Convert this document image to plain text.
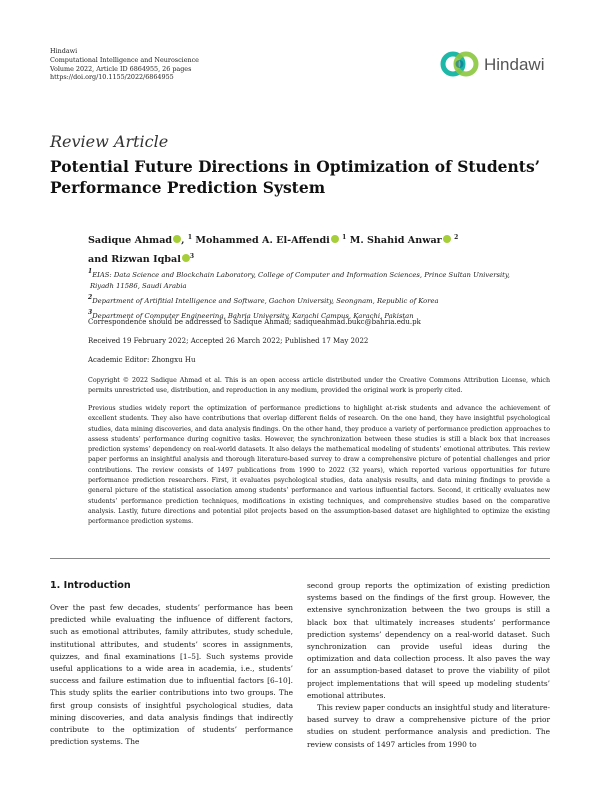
Hindawi
Computational Intelligence and Neuroscience
Volume 2022, Article ID 6864955, 26 pages
https://doi.org/10.1155/2022/6864955
Hindawi
Review Article
Potential Future Directions in Optimization of Students’ Performance Prediction System
Sadique Ahmad , $^1$ Mohammed A. El-Affendi $^1$ M. Shahid Anwar $^2$
and Rizwan Iqbal $^3$
1EIAS: Data Science and Blockchain Laboratory, College of Computer and Information Sciences, Prince Sultan University,
Riyadh 11586, Saudi Arabia
2Department of Artifitial Intelligence and Software, Gachon University, Seongnam, Republic of Korea
3Department of Computer Engineering, Bahria University, Karachi Campus, Karachi, Pakistan
Correspondence should be addressed to Sadique Ahmad; sadiqueahmad.bukc@bahria.edu.pk
Received 19 February 2022; Accepted 26 March 2022; Published 17 May 2022
Academic Editor: Zhongxu Hu
Copyright © 2022 Sadique Ahmad et al. This is an open access article distributed under the Creative Commons Attribution License, which permits unrestricted use, distribution, and reproduction in any medium, provided the original work is properly cited.
Previous studies widely report the optimization of performance predictions to highlight at-risk students and advance the achievement of excellent students. They also have contributions that overlap different fields of research. On the one hand, they have insightful psychological studies, data mining discoveries, and data analysis findings. On the other hand, they produce a variety of performance prediction approaches to assess students’ performance during cognitive tasks. However, the synchronization between these studies is still a black box that increases prediction systems’ dependency on real-world datasets. It also delays the mathematical modeling of students’ emotional attributes. This review paper performs an insightful analysis and thorough literature-based survey to draw a comprehensive picture of potential challenges and prior contributions. The review consists of 1497 publications from 1990 to 2022 (32 years), which reported various opportunities for future performance prediction researchers. First, it evaluates psychological studies, data analysis results, and data mining findings to provide a general picture of the statistical association among students’ performance and various influential factors. Second, it critically evaluates new students’ performance prediction techniques, modifications in existing techniques, and comprehensive studies based on the comparative analysis. Lastly, future directions and potential pilot projects based on the assumption-based dataset are highlighted to optimize the existing performance prediction systems.
1. Introduction

Over the past few decades, students’ performance has been predicted while evaluating the influence of different factors, such as emotional attributes, family attributes, study schedule, institutional attributes, and students’ scores in assignments, quizzes, and final examinations [1–5]. Such systems provide useful applications to a wide area in academia, i.e., students’ success and failure estimation due to influential factors [6–10]. This study splits the earlier contributions into two groups. The first group consists of insightful psychological studies, data mining discoveries, and data analysis findings that indirectly contribute to the optimization of students’ performance prediction systems. The

second group reports the optimization of existing prediction systems based on the findings of the first group. However, the extensive synchronization between the two groups is still a black box that ultimately increases students’ performance prediction systems’ dependency on a real-world dataset. Such synchronization can provide useful ideas during the optimization and data collection process. It also paves the way for an assumption-based dataset to prove the viability of pilot project implementations that will speed up modeling students’ emotional attributes.

This review paper conducts an insightful study and literature-based survey to draw a comprehensive picture of the prior studies on student performance analysis and prediction. The review consists of 1497 articles from 1990 to
